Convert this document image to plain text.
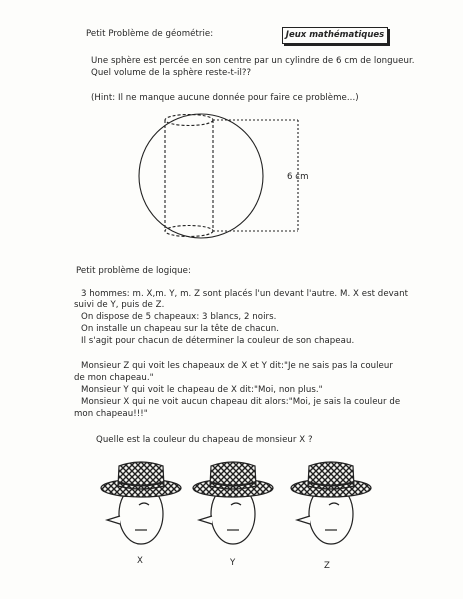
Petit Problème de géométrie:	Jeux mathématiques
Une sphère est percée en son centre par un cylindre de 6 cm de longueur.
Quel volume de la sphère reste-t-il??
(Hint: Il ne manque aucune donnée pour faire ce problème...)
6 cm
Petit problème de logique:
3 hommes: m. X,m. Y, m. Z sont placés l'un devant l'autre. M. X est devant
suivi de Y, puis de Z.
On dispose de 5 chapeaux: 3 blancs, 2 noirs.
On installe un chapeau sur la tête de chacun.
Il s'agit pour chacun de déterminer la couleur de son chapeau.
Monsieur Z qui voit les chapeaux de X et Y dit:"Je ne sais pas la couleur
de mon chapeau."
Monsieur Y qui voit le chapeau de X dit:"Moi, non plus."
Monsieur X qui ne voit aucun chapeau dit alors:"Moi, je sais la couleur de
mon chapeau!!!"
Quelle est la couleur du chapeau de monsieur X ?
X	Y	Z
